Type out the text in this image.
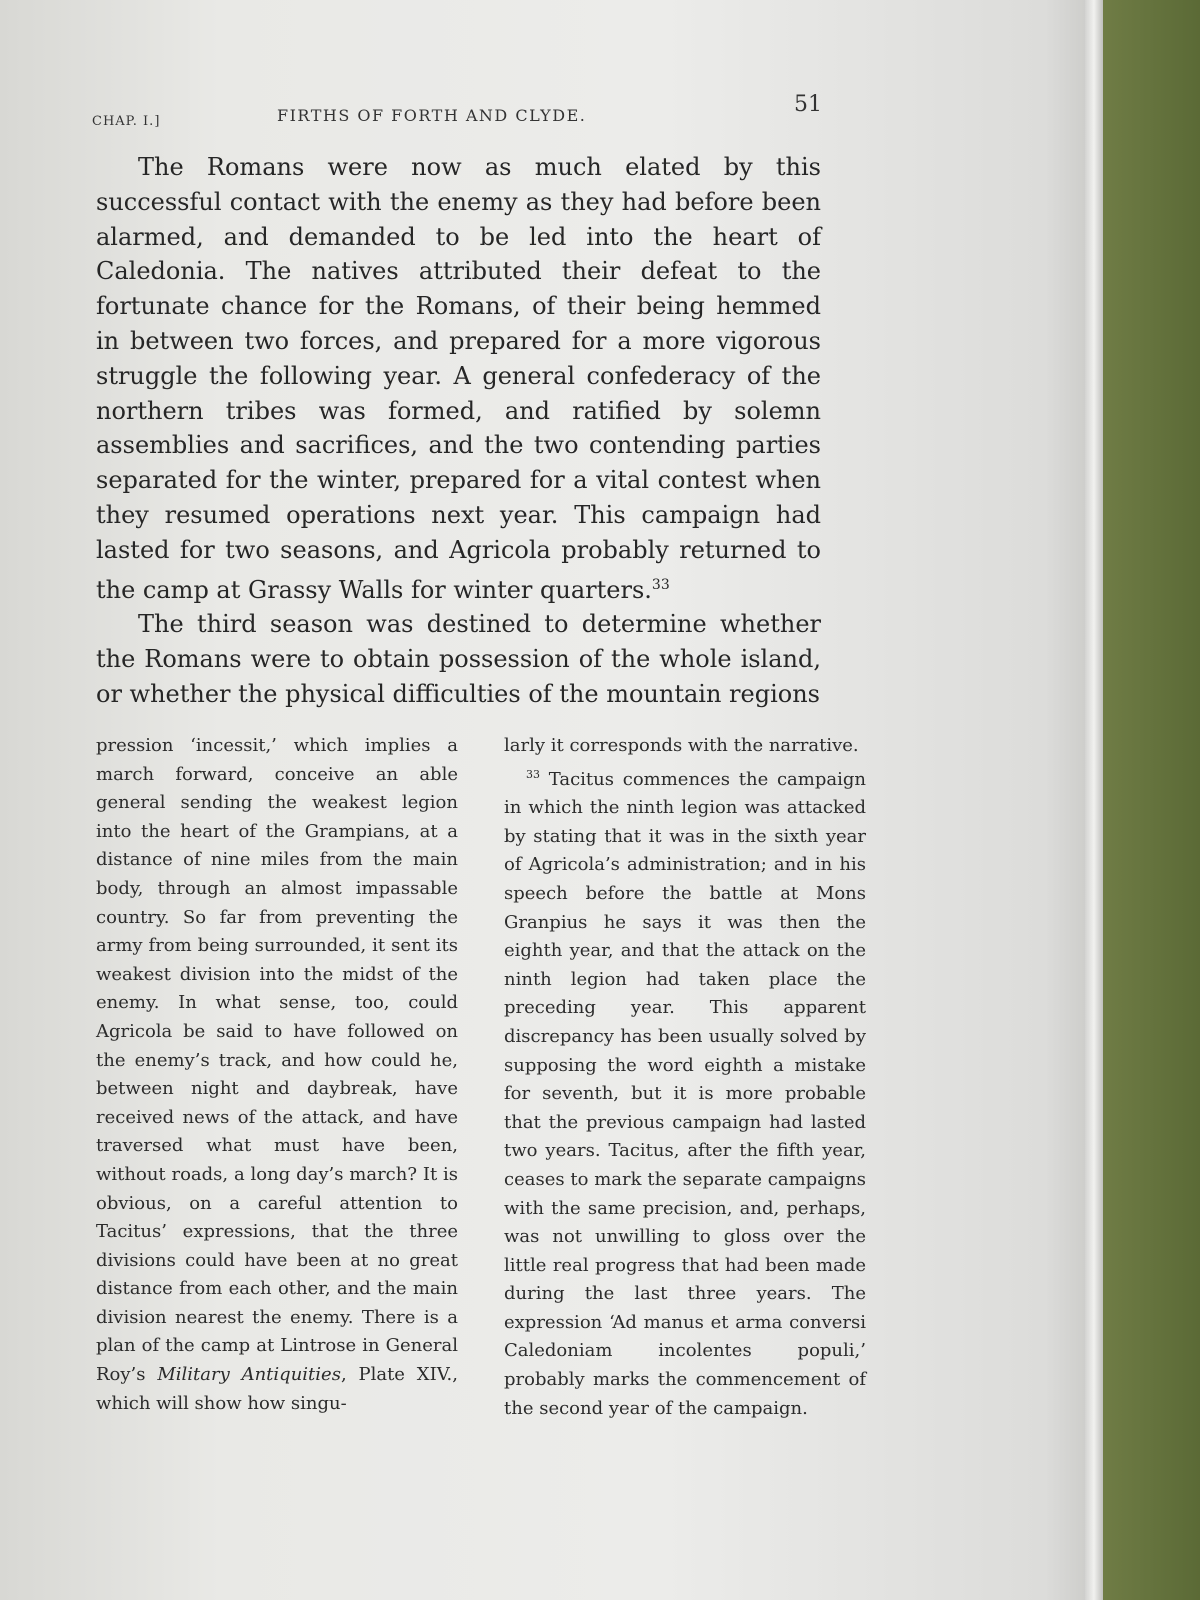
CHAP. I.]	FIRTHS OF FORTH AND CLYDE.	51

The Romans were now as much elated by this successful contact with the enemy as they had before been alarmed, and demanded to be led into the heart of Caledonia. The natives attributed their defeat to the fortunate chance for the Romans, of their being hemmed in between two forces, and prepared for a more vigorous struggle the following year. A general confederacy of the northern tribes was formed, and ratified by solemn assemblies and sacrifices, and the two contending parties separated for the winter, prepared for a vital contest when they resumed operations next year. This campaign had lasted for two seasons, and Agricola probably returned to the camp at Grassy Walls for winter quarters.$^{33}$

The third season was destined to determine whether the Romans were to obtain possession of the whole island, or whether the physical difficulties of the mountain regions

pression ‘incessit,’ which implies a march forward, conceive an able general sending the weakest legion into the heart of the Grampians, at a distance of nine miles from the main body, through an almost impassable country. So far from preventing the army from being surrounded, it sent its weakest division into the midst of the enemy. In what sense, too, could Agricola be said to have followed on the enemy’s track, and how could he, between night and daybreak, have received news of the attack, and have traversed what must have been, without roads, a long day’s march? It is obvious, on a careful attention to Tacitus’ expressions, that the three divisions could have been at no great distance from each other, and the main division nearest the enemy. There is a plan of the camp at Lintrose in General Roy’s Military Antiquities, Plate XIV., which will show how singu-

larly it corresponds with the narrative.

$^{33}$ Tacitus commences the campaign in which the ninth legion was attacked by stating that it was in the sixth year of Agricola’s administration; and in his speech before the battle at Mons Granpius he says it was then the eighth year, and that the attack on the ninth legion had taken place the preceding year. This apparent discrepancy has been usually solved by supposing the word eighth a mistake for seventh, but it is more probable that the previous campaign had lasted two years. Tacitus, after the fifth year, ceases to mark the separate campaigns with the same precision, and, perhaps, was not unwilling to gloss over the little real progress that had been made during the last three years. The expression ‘Ad manus et arma conversi Caledoniam incolentes populi,’ probably marks the commencement of the second year of the campaign.
